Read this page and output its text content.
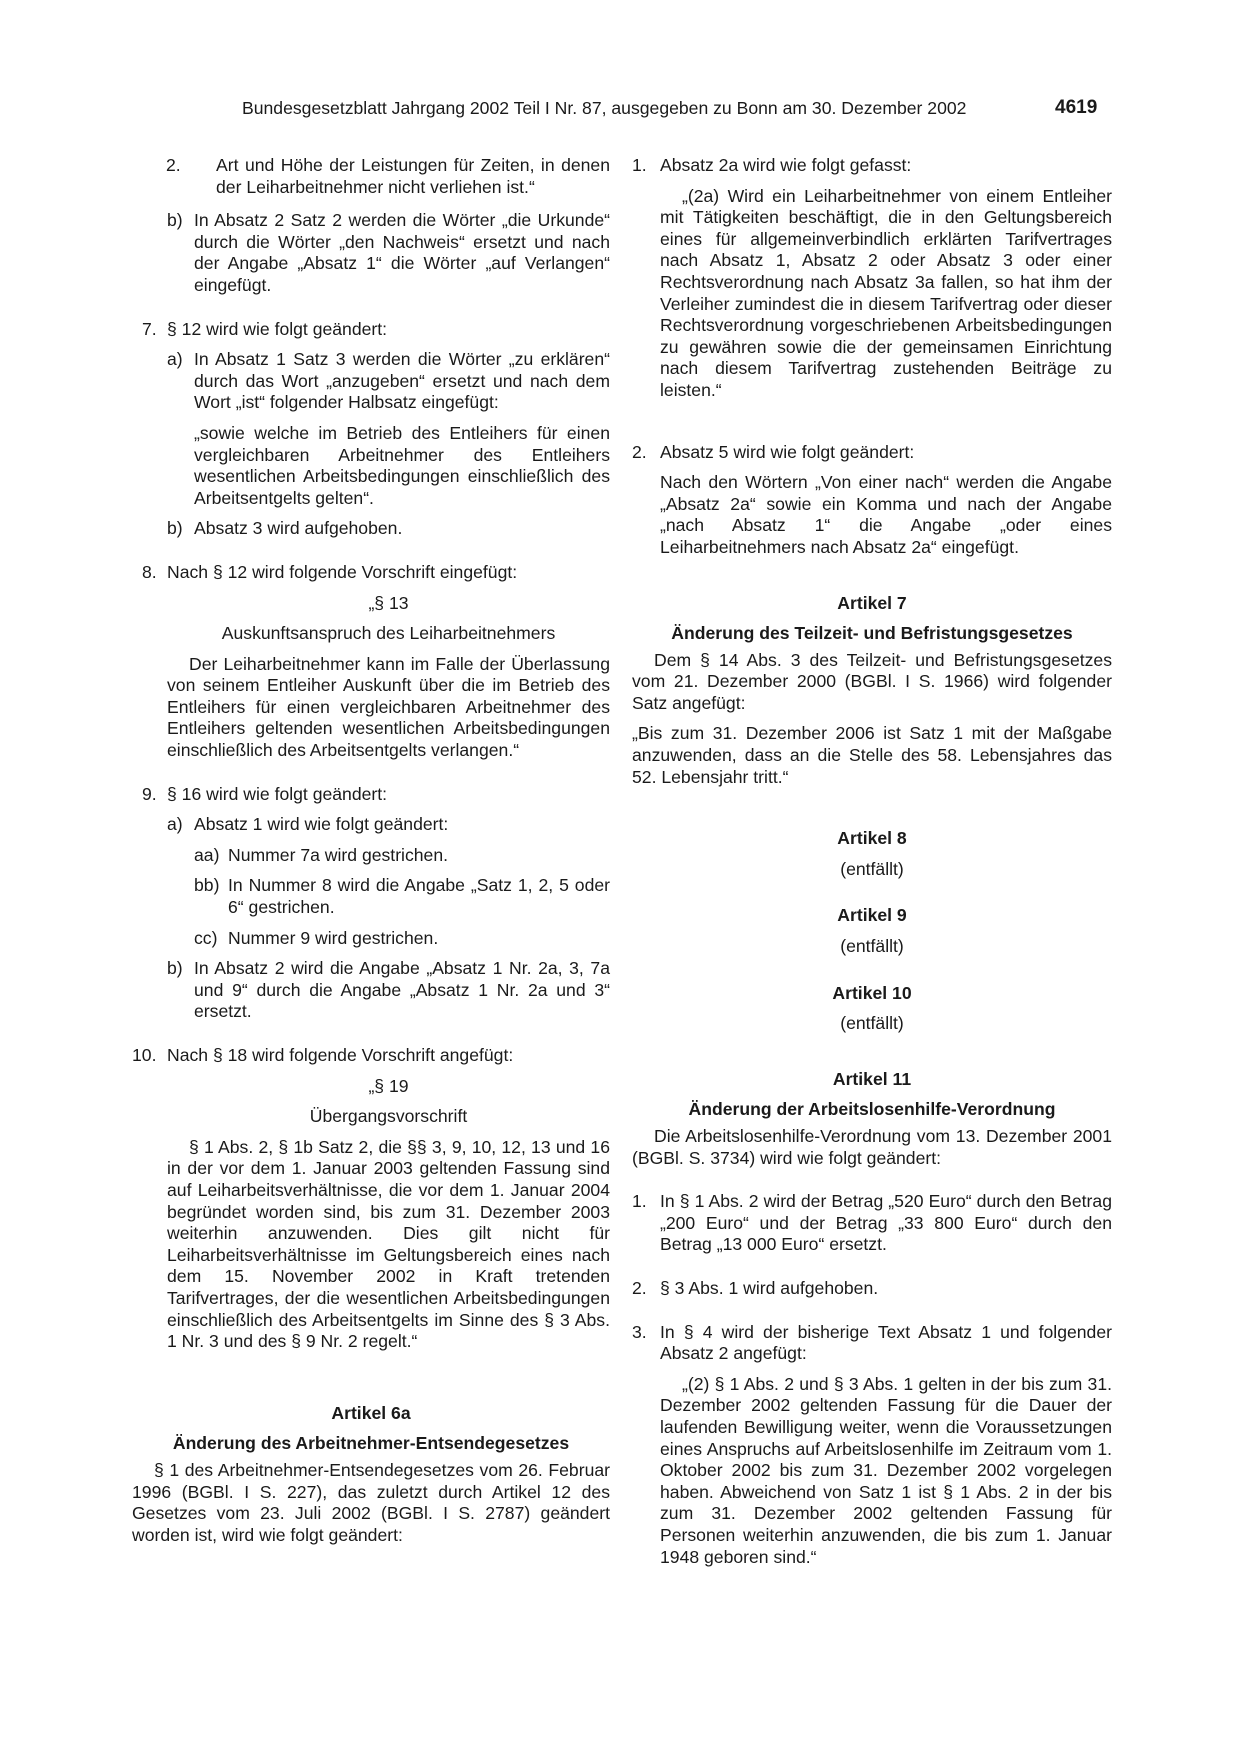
Bundesgesetzblatt Jahrgang 2002 Teil I Nr. 87, ausgegeben zu Bonn am 30. Dezember 2002	4619
2. Art und Höhe der Leistungen für Zeiten, in denen der Leiharbeitnehmer nicht verliehen ist.“
b) In Absatz 2 Satz 2 werden die Wörter „die Urkunde“ durch die Wörter „den Nachweis“ ersetzt und nach der Angabe „Absatz 1“ die Wörter „auf Verlangen“ eingefügt.
7. § 12 wird wie folgt geändert:
a) In Absatz 1 Satz 3 werden die Wörter „zu erklären“ durch das Wort „anzugeben“ ersetzt und nach dem Wort „ist“ folgender Halbsatz eingefügt:
„sowie welche im Betrieb des Entleihers für einen vergleichbaren Arbeitnehmer des Entleihers wesentlichen Arbeitsbedingungen einschließlich des Arbeitsentgelts gelten“.
b) Absatz 3 wird aufgehoben.
8. Nach § 12 wird folgende Vorschrift eingefügt:
„§ 13
Auskunftsanspruch des Leiharbeitnehmers
Der Leiharbeitnehmer kann im Falle der Überlassung von seinem Entleiher Auskunft über die im Betrieb des Entleihers für einen vergleichbaren Arbeitnehmer des Entleihers geltenden wesentlichen Arbeitsbedingungen einschließlich des Arbeitsentgelts verlangen.“
9. § 16 wird wie folgt geändert:
a) Absatz 1 wird wie folgt geändert:
aa) Nummer 7a wird gestrichen.
bb) In Nummer 8 wird die Angabe „Satz 1, 2, 5 oder 6“ gestrichen.
cc) Nummer 9 wird gestrichen.
b) In Absatz 2 wird die Angabe „Absatz 1 Nr. 2a, 3, 7a und 9“ durch die Angabe „Absatz 1 Nr. 2a und 3“ ersetzt.
10. Nach § 18 wird folgende Vorschrift angefügt:
„§ 19
Übergangsvorschrift
§ 1 Abs. 2, § 1b Satz 2, die §§ 3, 9, 10, 12, 13 und 16 in der vor dem 1. Januar 2003 geltenden Fassung sind auf Leiharbeitsverhältnisse, die vor dem 1. Januar 2004 begründet worden sind, bis zum 31. Dezember 2003 weiterhin anzuwenden. Dies gilt nicht für Leiharbeitsverhältnisse im Geltungsbereich eines nach dem 15. November 2002 in Kraft tretenden Tarifvertrages, der die wesentlichen Arbeitsbedingungen einschließlich des Arbeitsentgelts im Sinne des § 3 Abs. 1 Nr. 3 und des § 9 Nr. 2 regelt.“
Artikel 6a
Änderung des Arbeitnehmer-Entsendegesetzes
§ 1 des Arbeitnehmer-Entsendegesetzes vom 26. Februar 1996 (BGBl. I S. 227), das zuletzt durch Artikel 12 des Gesetzes vom 23. Juli 2002 (BGBl. I S. 2787) geändert worden ist, wird wie folgt geändert:
1. Absatz 2a wird wie folgt gefasst:
„(2a) Wird ein Leiharbeitnehmer von einem Entleiher mit Tätigkeiten beschäftigt, die in den Geltungsbereich eines für allgemeinverbindlich erklärten Tarifvertrages nach Absatz 1, Absatz 2 oder Absatz 3 oder einer Rechtsverordnung nach Absatz 3a fallen, so hat ihm der Verleiher zumindest die in diesem Tarifvertrag oder dieser Rechtsverordnung vorgeschriebenen Arbeitsbedingungen zu gewähren sowie die der gemeinsamen Einrichtung nach diesem Tarifvertrag zustehenden Beiträge zu leisten.“
2. Absatz 5 wird wie folgt geändert:
Nach den Wörtern „Von einer nach“ werden die Angabe „Absatz 2a“ sowie ein Komma und nach der Angabe „nach Absatz 1“ die Angabe „oder eines Leiharbeitnehmers nach Absatz 2a“ eingefügt.
Artikel 7
Änderung des Teilzeit- und Befristungsgesetzes
Dem § 14 Abs. 3 des Teilzeit- und Befristungsgesetzes vom 21. Dezember 2000 (BGBl. I S. 1966) wird folgender Satz angefügt:
„Bis zum 31. Dezember 2006 ist Satz 1 mit der Maßgabe anzuwenden, dass an die Stelle des 58. Lebensjahres das 52. Lebensjahr tritt.“
Artikel 8
(entfällt)
Artikel 9
(entfällt)
Artikel 10
(entfällt)
Artikel 11
Änderung der Arbeitslosenhilfe-Verordnung
Die Arbeitslosenhilfe-Verordnung vom 13. Dezember 2001 (BGBl. S. 3734) wird wie folgt geändert:
1. In § 1 Abs. 2 wird der Betrag „520 Euro“ durch den Betrag „200 Euro“ und der Betrag „33 800 Euro“ durch den Betrag „13 000 Euro“ ersetzt.
2. § 3 Abs. 1 wird aufgehoben.
3. In § 4 wird der bisherige Text Absatz 1 und folgender Absatz 2 angefügt:
„(2) § 1 Abs. 2 und § 3 Abs. 1 gelten in der bis zum 31. Dezember 2002 geltenden Fassung für die Dauer der laufenden Bewilligung weiter, wenn die Voraussetzungen eines Anspruchs auf Arbeitslosenhilfe im Zeitraum vom 1. Oktober 2002 bis zum 31. Dezember 2002 vorgelegen haben. Abweichend von Satz 1 ist § 1 Abs. 2 in der bis zum 31. Dezember 2002 geltenden Fassung für Personen weiterhin anzuwenden, die bis zum 1. Januar 1948 geboren sind.“
